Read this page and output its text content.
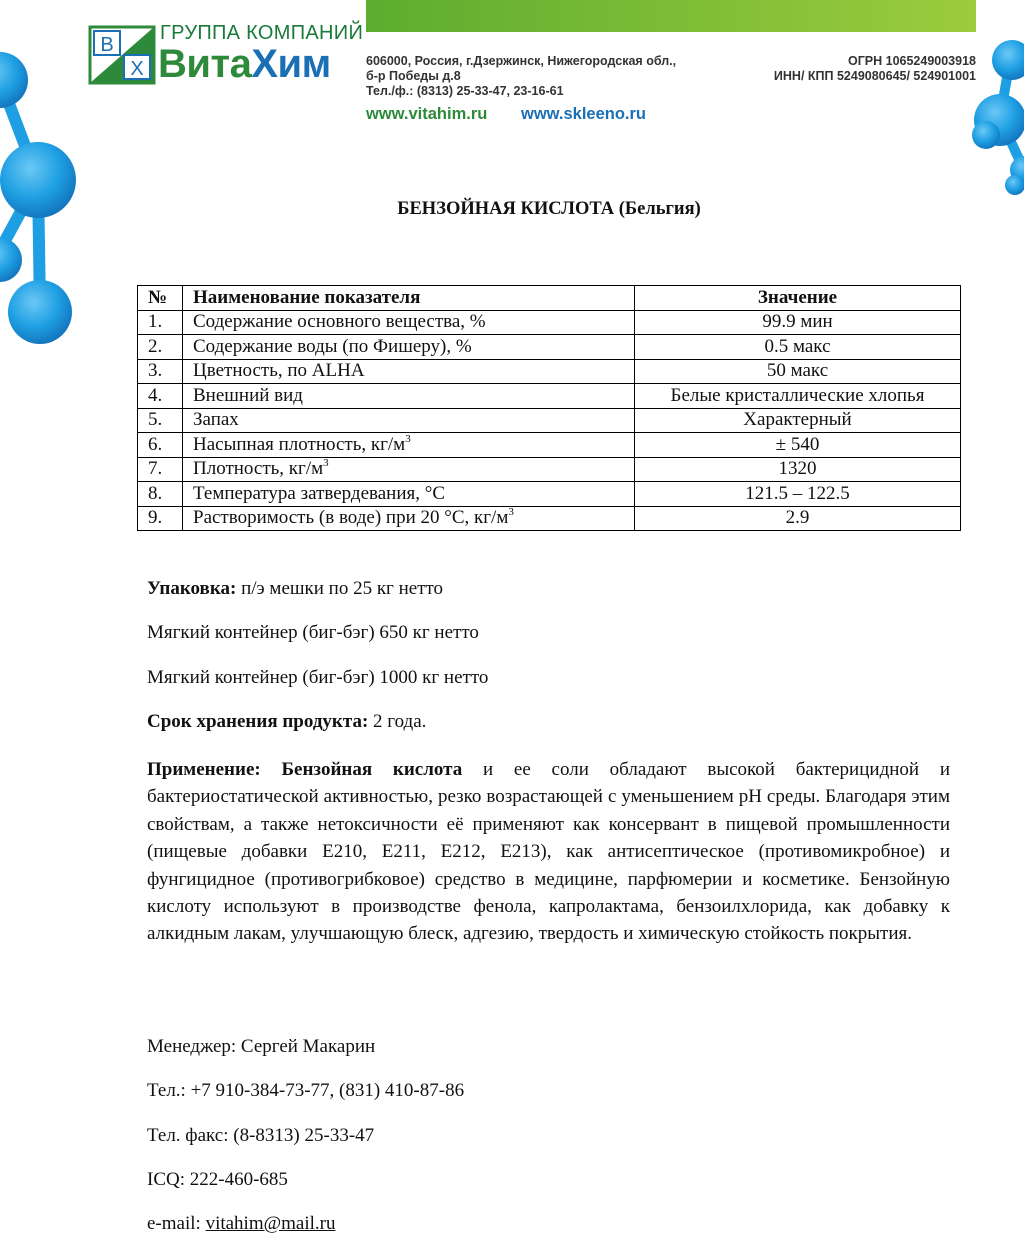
В
Х
ГРУППА КОМПАНИЙ
ВитаХим	606000, Россия, г.Дзержинск, Нижегородская обл.,
б-р Победы д.8
Тел./ф.: (8313) 25-33-47, 23-16-61
ОГРН 1065249003918
ИНН/ КПП 5249080645/ 524901001
www.vitahim.ru www.skleeno.ru
БЕНЗОЙНАЯ КИСЛОТА (Бельгия)
№	Наименование показателя	Значение
1.	Содержание основного вещества, %	99.9 мин
2.	Содержание воды (по Фишеру), %	0.5 макс
3.	Цветность, по ALHA	50 макс
4.	Внешний вид	Белые кристаллические хлопья
5.	Запах	Характерный
6.	Насыпная плотность, $кг/м^3$	± 540
7.	Плотность, $кг/м^3$	1320
8.	Температура затвердевания, °С	121.5 – 122.5
9.	Растворимость (в воде) при 20 °С, $кг/м^3$	2.9
Упаковка: п/э мешки по 25 кг нетто
Мягкий контейнер (биг-бэг) 650 кг нетто
Мягкий контейнер (биг-бэг) 1000 кг нетто
Срок хранения продукта: 2 года.
Применение: Бензойная кислота и ее соли обладают высокой бактерицидной и бактериостатической активностью, резко возрастающей с уменьшением pH среды. Благодаря этим свойствам, а также нетоксичности её применяют как консервант в пищевой промышленности (пищевые добавки E210, E211, E212, E213), как антисептическое (противомикробное) и фунгицидное (противогрибковое) средство в медицине, парфюмерии и косметике. Бензойную кислоту используют в производстве фенола, капролактама, бензоилхлорида, как добавку к алкидным лакам, улучшающую блеск, адгезию, твердость и химическую стойкость покрытия.
Менеджер: Сергей Макарин
Тел.: +7 910-384-73-77, (831) 410-87-86
Тел. факс: (8-8313) 25-33-47
ICQ: 222-460-685
e-mail: vitahim@mail.ru
